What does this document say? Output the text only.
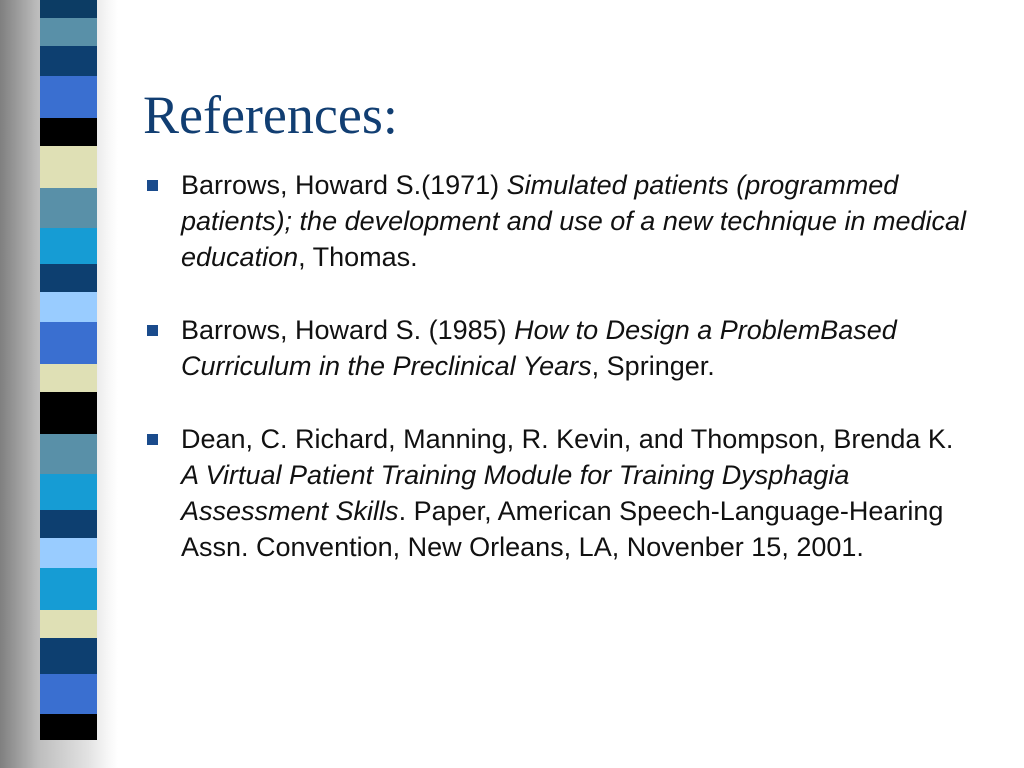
References:
Barrows, Howard S.(1971) Simulated patients (programmed patients); the development and use of a new technique in medical education, Thomas.
Barrows, Howard S. (1985) How to Design a ProblemBased Curriculum in the Preclinical Years, Springer.
Dean, C. Richard, Manning, R. Kevin, and Thompson, Brenda K. A Virtual Patient Training Module for Training Dysphagia Assessment Skills. Paper, American Speech-Language-Hearing Assn. Convention, New Orleans, LA, Novenber 15, 2001.
